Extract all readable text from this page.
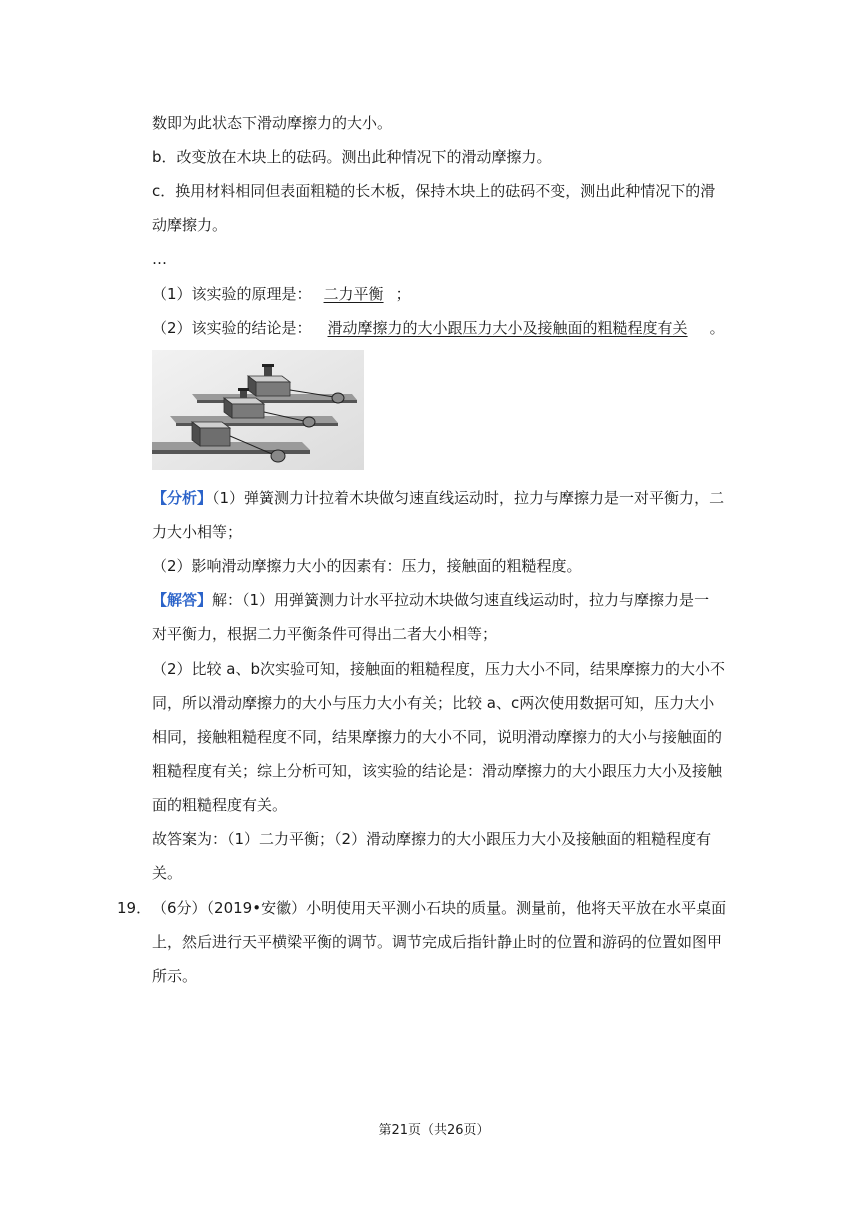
数即为此状态下滑动摩擦力的大小。
b．改变放在木块上的砝码。测出此种情况下的滑动摩擦力。
c．换用材料相同但表面粗糙的长木板，保持木块上的砝码不变，测出此种情况下的滑
动摩擦力。
…
（1）该实验的原理是： 二力平衡 ；
（2）该实验的结论是： 滑动摩擦力的大小跟压力大小及接触面的粗糙程度有关 。
【分析】（1）弹簧测力计拉着木块做匀速直线运动时，拉力与摩擦力是一对平衡力，二
力大小相等；
（2）影响滑动摩擦力大小的因素有：压力，接触面的粗糙程度。
【解答】解：（1）用弹簧测力计水平拉动木块做匀速直线运动时，拉力与摩擦力是一
对平衡力，根据二力平衡条件可得出二者大小相等；
（2）比较 a、b次实验可知，接触面的粗糙程度，压力大小不同，结果摩擦力的大小不
同，所以滑动摩擦力的大小与压力大小有关；比较 a、c两次使用数据可知，压力大小
相同，接触粗糙程度不同，结果摩擦力的大小不同，说明滑动摩擦力的大小与接触面的
粗糙程度有关；综上分析可知，该实验的结论是：滑动摩擦力的大小跟压力大小及接触
面的粗糙程度有关。
故答案为：（1）二力平衡；（2）滑动摩擦力的大小跟压力大小及接触面的粗糙程度有
关。
19． （6分）（2019•安徽）小明使用天平测小石块的质量。测量前，他将天平放在水平桌面
上，然后进行天平横梁平衡的调节。调节完成后指针静止时的位置和游码的位置如图甲
所示。
第21页（共26页）
